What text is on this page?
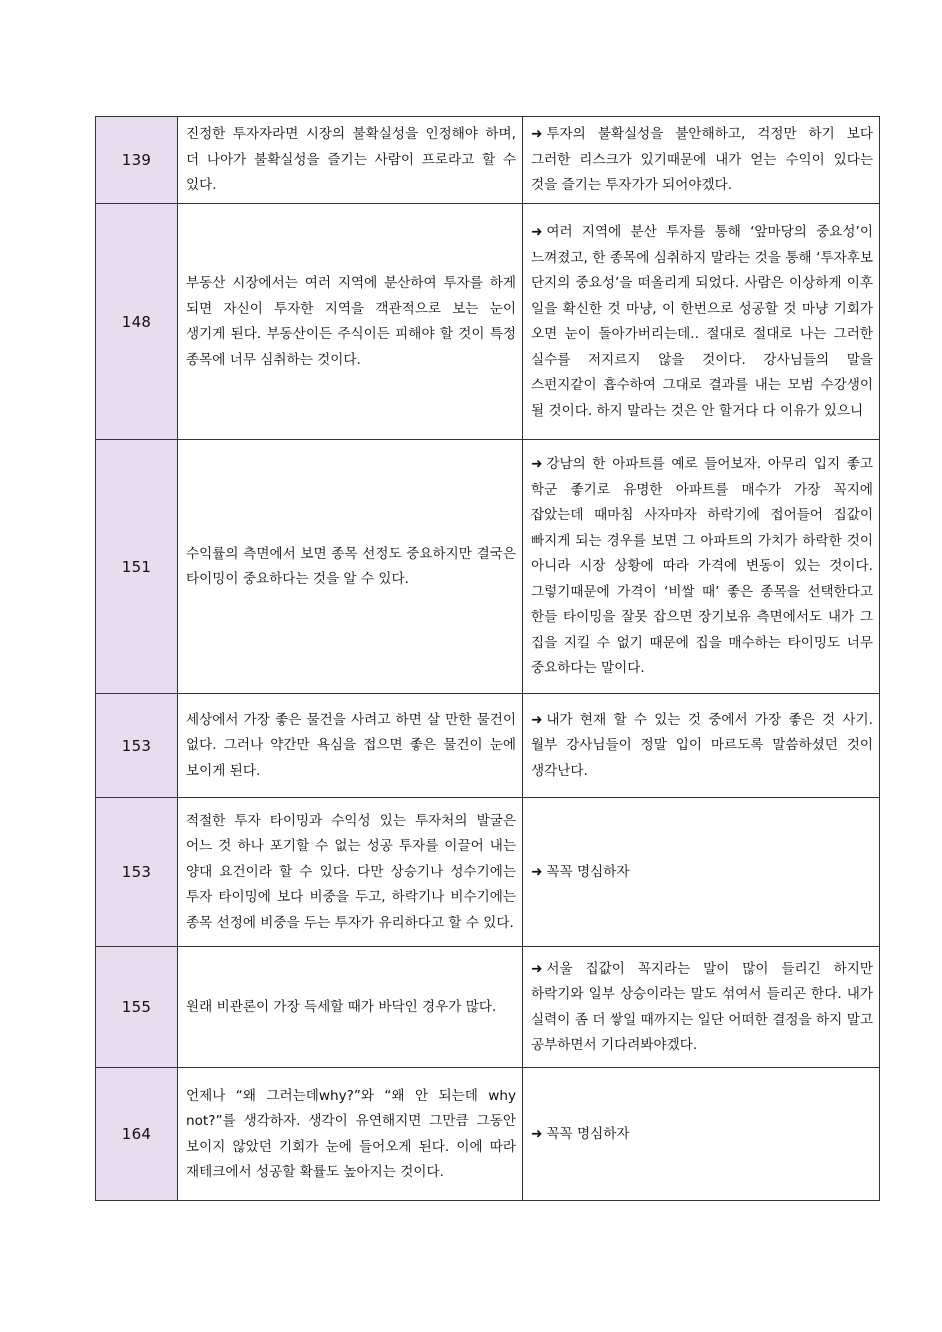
139	진정한 투자자라면 시장의 불확실성을 인정해야 하며, 더 나아가 불확실성을 즐기는 사람이 프로라고 할 수 있다.	➜ 투자의 불확실성을 불안해하고, 걱정만 하기 보다 그러한 리스크가 있기때문에 내가 얻는 수익이 있다는 것을 즐기는 투자가가 되어야겠다.
148	부동산 시장에서는 여러 지역에 분산하여 투자를 하게 되면 자신이 투자한 지역을 객관적으로 보는 눈이 생기게 된다. 부동산이든 주식이든 피해야 할 것이 특정 종목에 너무 심취하는 것이다.	➜ 여러 지역에 분산 투자를 통해 ‘앞마당의 중요성’이 느껴졌고, 한 종목에 심취하지 말라는 것을 통해 ‘투자후보 단지의 중요성’을 떠올리게 되었다. 사람은 이상하게 이후 일을 확신한 것 마냥, 이 한번으로 성공할 것 마냥 기회가 오면 눈이 돌아가버리는데.. 절대로 절대로 나는 그러한 실수를 저지르지 않을 것이다. 강사님들의 말을 스펀지같이 흡수하여 그대로 결과를 내는 모범 수강생이 될 것이다. 하지 말라는 것은 안 할거다 다 이유가 있으니
151	수익률의 측면에서 보면 종목 선정도 중요하지만 결국은 타이밍이 중요하다는 것을 알 수 있다.	➜ 강남의 한 아파트를 예로 들어보자. 아무리 입지 좋고 학군 좋기로 유명한 아파트를 매수가 가장 꼭지에 잡았는데 때마침 사자마자 하락기에 접어들어 집값이 빠지게 되는 경우를 보면 그 아파트의 가치가 하락한 것이 아니라 시장 상황에 따라 가격에 변동이 있는 것이다. 그렇기때문에 가격이 ‘비쌀 때’ 좋은 종목을 선택한다고 한들 타이밍을 잘못 잡으면 장기보유 측면에서도 내가 그 집을 지킬 수 없기 때문에 집을 매수하는 타이밍도 너무 중요하다는 말이다.
153	세상에서 가장 좋은 물건을 사려고 하면 살 만한 물건이 없다. 그러나 약간만 욕심을 접으면 좋은 물건이 눈에 보이게 된다.	➜ 내가 현재 할 수 있는 것 중에서 가장 좋은 것 사기. 월부 강사님들이 정말 입이 마르도록 말씀하셨던 것이 생각난다.
153	적절한 투자 타이밍과 수익성 있는 투자처의 발굴은 어느 것 하나 포기할 수 없는 성공 투자를 이끌어 내는 양대 요건이라 할 수 있다. 다만 상승기나 성수기에는 투자 타이밍에 보다 비중을 두고, 하락기나 비수기에는 종목 선정에 비중을 두는 투자가 유리하다고 할 수 있다.	➜ 꼭꼭 명심하자
155	원래 비관론이 가장 득세할 때가 바닥인 경우가 많다.	➜ 서울 집값이 꼭지라는 말이 많이 들리긴 하지만 하락기와 일부 상승이라는 말도 섞여서 들리곤 한다. 내가 실력이 좀 더 쌓일 때까지는 일단 어떠한 결정을 하지 말고 공부하면서 기다려봐야겠다.
164	언제나 “왜 그러는데why?”와 “왜 안 되는데 why not?”를 생각하자. 생각이 유연해지면 그만큼 그동안 보이지 않았던 기회가 눈에 들어오게 된다. 이에 따라 재테크에서 성공할 확률도 높아지는 것이다.	➜ 꼭꼭 명심하자
